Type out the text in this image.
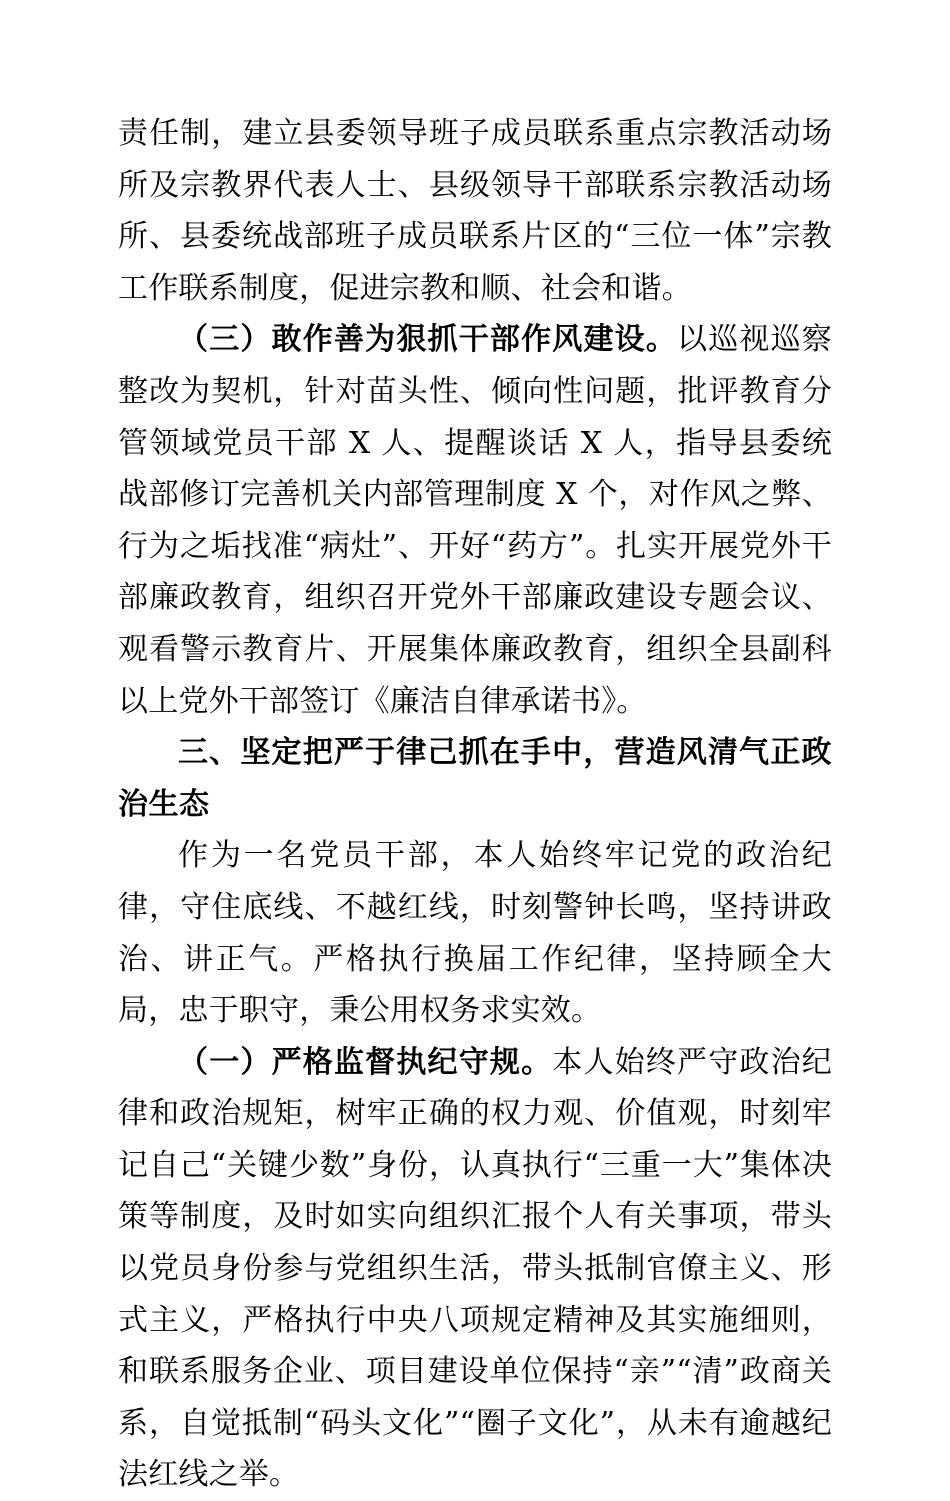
责任制，建立县委领导班子成员联系重点宗教活动场所及宗教界代表人士、县级领导干部联系宗教活动场所、县委统战部班子成员联系片区的“三位一体”宗教工作联系制度，促进宗教和顺、社会和谐。

（三）敢作善为狠抓干部作风建设。以巡视巡察整改为契机，针对苗头性、倾向性问题，批评教育分管领域党员干部 X 人、提醒谈话 X 人，指导县委统战部修订完善机关内部管理制度 X 个，对作风之弊、行为之垢找准“病灶”、开好“药方”。扎实开展党外干部廉政教育，组织召开党外干部廉政建设专题会议、观看警示教育片、开展集体廉政教育，组织全县副科以上党外干部签订《廉洁自律承诺书》。

三、坚定把严于律己抓在手中，营造风清气正政治生态

作为一名党员干部，本人始终牢记党的政治纪律，守住底线、不越红线，时刻警钟长鸣，坚持讲政治、讲正气。严格执行换届工作纪律，坚持顾全大局，忠于职守，秉公用权务求实效。

（一）严格监督执纪守规。本人始终严守政治纪律和政治规矩，树牢正确的权力观、价值观，时刻牢记自己“关键少数”身份，认真执行“三重一大”集体决策等制度，及时如实向组织汇报个人有关事项，带头以党员身份参与党组织生活，带头抵制官僚主义、形式主义，严格执行中央八项规定精神及其实施细则，和联系服务企业、项目建设单位保持“亲”“清”政商关系，自觉抵制“码头文化”“圈子文化”，从未有逾越纪法红线之举。
